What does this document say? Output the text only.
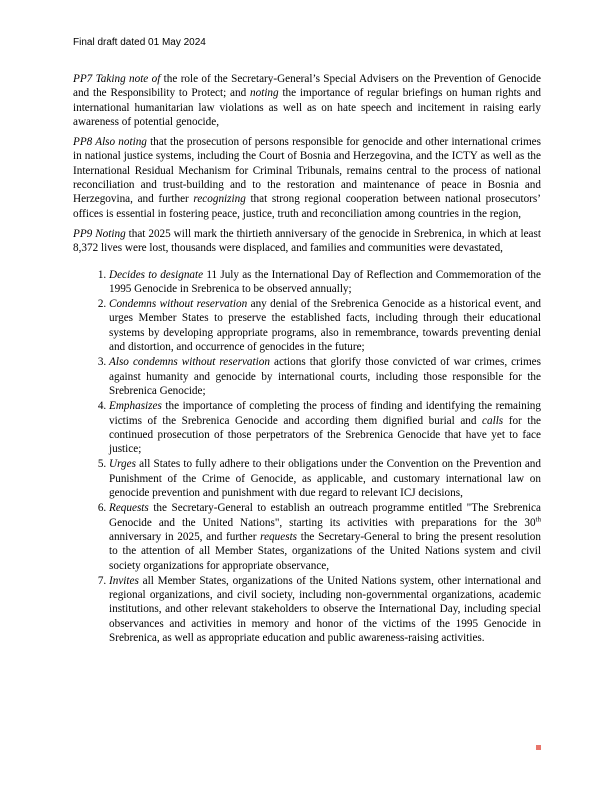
Final draft dated 01 May 2024

PP7 Taking note of the role of the Secretary-General’s Special Advisers on the Prevention of Genocide and the Responsibility to Protect; and noting the importance of regular briefings on human rights and international humanitarian law violations as well as on hate speech and incitement in raising early awareness of potential genocide,

PP8 Also noting that the prosecution of persons responsible for genocide and other international crimes in national justice systems, including the Court of Bosnia and Herzegovina, and the ICTY as well as the International Residual Mechanism for Criminal Tribunals, remains central to the process of national reconciliation and trust-building and to the restoration and maintenance of peace in Bosnia and Herzegovina, and further recognizing that strong regional cooperation between national prosecutors’ offices is essential in fostering peace, justice, truth and reconciliation among countries in the region,

PP9 Noting that 2025 will mark the thirtieth anniversary of the genocide in Srebrenica, in which at least 8,372 lives were lost, thousands were displaced, and families and communities were devastated,

1. Decides to designate 11 July as the International Day of Reflection and Commemoration of the 1995 Genocide in Srebrenica to be observed annually;
2. Condemns without reservation any denial of the Srebrenica Genocide as a historical event, and urges Member States to preserve the established facts, including through their educational systems by developing appropriate programs, also in remembrance, towards preventing denial and distortion, and occurrence of genocides in the future;
3. Also condemns without reservation actions that glorify those convicted of war crimes, crimes against humanity and genocide by international courts, including those responsible for the Srebrenica Genocide;
4. Emphasizes the importance of completing the process of finding and identifying the remaining victims of the Srebrenica Genocide and according them dignified burial and calls for the continued prosecution of those perpetrators of the Srebrenica Genocide that have yet to face justice;
5. Urges all States to fully adhere to their obligations under the Convention on the Prevention and Punishment of the Crime of Genocide, as applicable, and customary international law on genocide prevention and punishment with due regard to relevant ICJ decisions,
6. Requests the Secretary-General to establish an outreach programme entitled "The Srebrenica Genocide and the United Nations", starting its activities with preparations for the 30th anniversary in 2025, and further requests the Secretary-General to bring the present resolution to the attention of all Member States, organizations of the United Nations system and civil society organizations for appropriate observance,
7. Invites all Member States, organizations of the United Nations system, other international and regional organizations, and civil society, including non-governmental organizations, academic institutions, and other relevant stakeholders to observe the International Day, including special observances and activities in memory and honor of the victims of the 1995 Genocide in Srebrenica, as well as appropriate education and public awareness-raising activities.
